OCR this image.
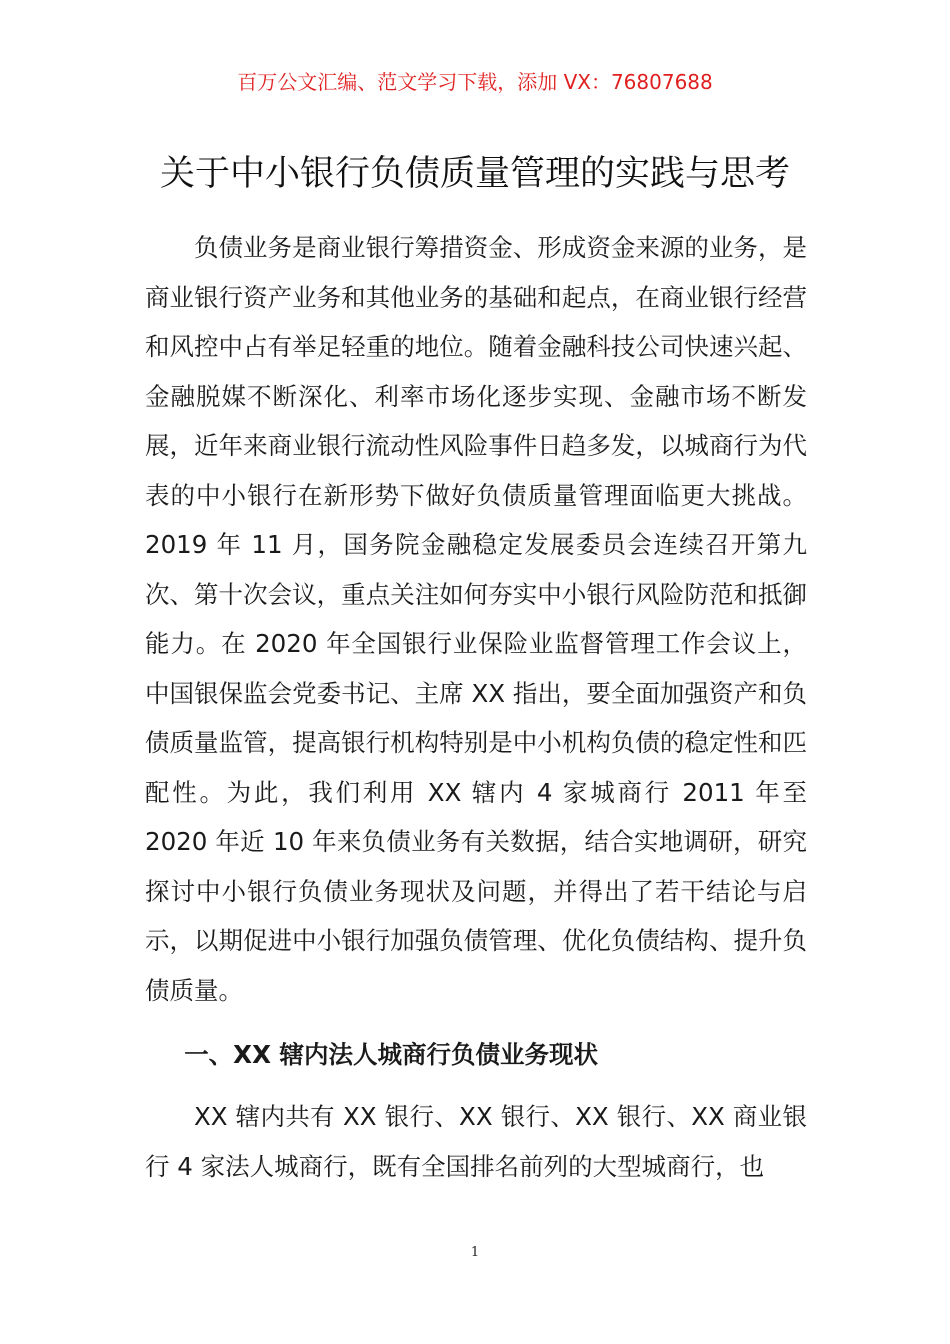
百万公文汇编、范文学习下载，添加 VX：76807688
关于中小银行负债质量管理的实践与思考

负债业务是商业银行筹措资金、形成资金来源的业务，是商业银行资产业务和其他业务的基础和起点，在商业银行经营和风控中占有举足轻重的地位。随着金融科技公司快速兴起、金融脱媒不断深化、利率市场化逐步实现、金融市场不断发展，近年来商业银行流动性风险事件日趋多发，以城商行为代表的中小银行在新形势下做好负债质量管理面临更大挑战。2019 年 11 月，国务院金融稳定发展委员会连续召开第九次、第十次会议，重点关注如何夯实中小银行风险防范和抵御能力。在 2020 年全国银行业保险业监督管理工作会议上，中国银保监会党委书记、主席 XX 指出，要全面加强资产和负债质量监管，提高银行机构特别是中小机构负债的稳定性和匹配性。为此，我们利用 XX 辖内 4 家城商行 2011 年至 2020 年近 10 年来负债业务有关数据，结合实地调研，研究探讨中小银行负债业务现状及问题，并得出了若干结论与启示，以期促进中小银行加强负债管理、优化负债结构、提升负债质量。

一、XX 辖内法人城商行负债业务现状

XX 辖内共有 XX 银行、XX 银行、XX 银行、XX 商业银行 4 家法人城商行，既有全国排名前列的大型城商行，也

1
